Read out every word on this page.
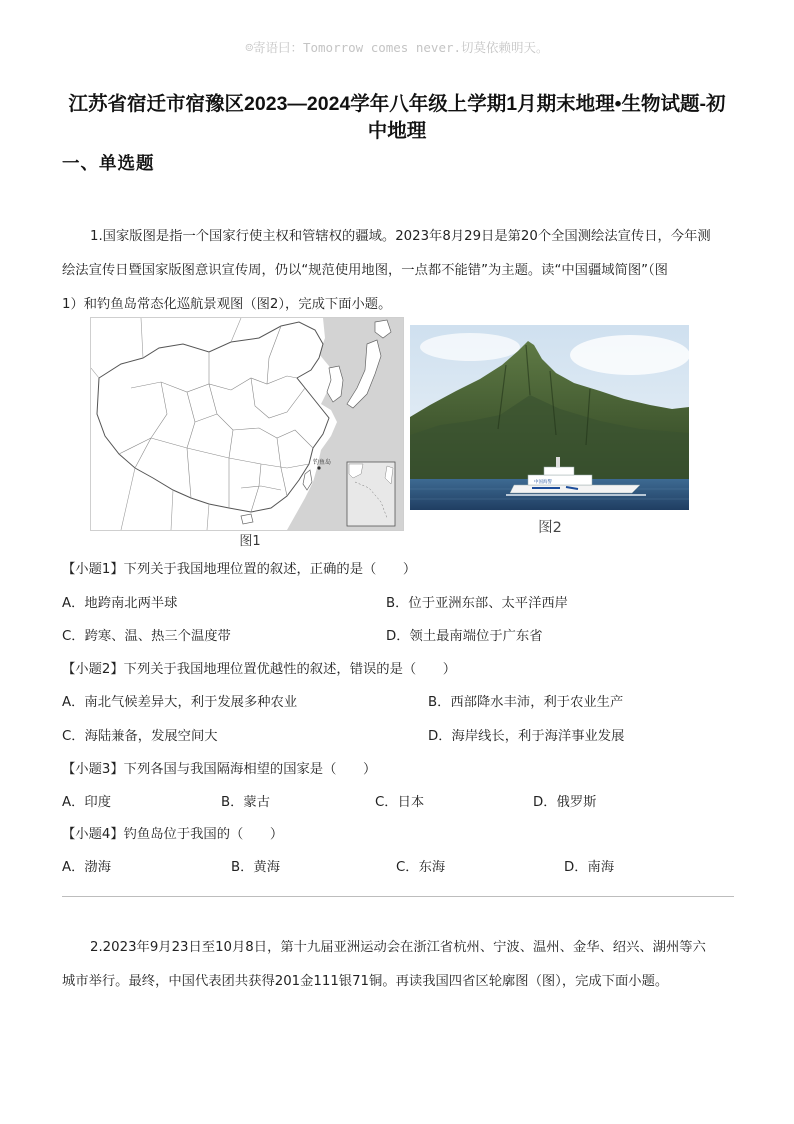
☺寄语曰：Tomorrow comes never.切莫依赖明天。
江苏省宿迁市宿豫区2023—2024学年八年级上学期1月期末地理•生物试题-初
中地理
一、单选题
1.国家版图是指一个国家行使主权和管辖权的疆域。2023年8月29日是第20个全国测绘法宣传日，今年测
绘法宣传日暨国家版图意识宣传周，仍以“规范使用地图，一点都不能错”为主题。读“中国疆域简图”（图
1）和钓鱼岛常态化巡航景观图（图2），完成下面小题。
钓鱼岛
图1
中国海警
图2
【小题1】下列关于我国地理位置的叙述，正确的是（　　）
A．地跨南北两半球	B．位于亚洲东部、太平洋西岸
C．跨寒、温、热三个温度带	D．领土最南端位于广东省
【小题2】下列关于我国地理位置优越性的叙述，错误的是（　　）
A．南北气候差异大，利于发展多种农业	B．西部降水丰沛，利于农业生产
C．海陆兼备，发展空间大	D．海岸线长，利于海洋事业发展
【小题3】下列各国与我国隔海相望的国家是（　　）
A．印度	B．蒙古	C．日本	D．俄罗斯
【小题4】钓鱼岛位于我国的（　　）
A．渤海	B．黄海	C．东海	D．南海
2.2023年9月23日至10月8日，第十九届亚洲运动会在浙江省杭州、宁波、温州、金华、绍兴、湖州等六
城市举行。最终，中国代表团共获得201金111银71铜。再读我国四省区轮廓图（图），完成下面小题。
